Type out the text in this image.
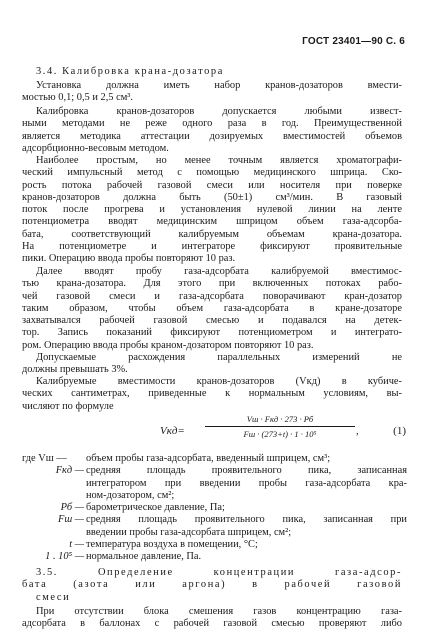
ГОСТ 23401—90 С. 6
3.4. Калибровка крана-дозатора
Установка должна иметь набор кранов-дозаторов вмести-
мостью 0,1; 0,5 и 2,5 см³.
Калибровка кранов-дозаторов допускается любыми извест-
ными методами не реже одного раза в год. Преимущественной
является методика аттестации дозируемых вместимостей объемов
адсорбционно-весовым методом.
Наиболее простым, но менее точным является хроматографи-
ческий импульсный метод с помощью медицинского шприца. Ско-
рость потока рабочей газовой смеси или носителя при поверке
кранов-дозаторов должна быть (50±1) см³/мин. В газовый
поток после прогрева и установления нулевой линии на ленте
потенциометра вводят медицинским шприцом объем газа-адсорба-
бата, соответствующий калибруемым объемам крана-дозатора.
На потенциометре и интеграторе фиксируют проявительные
пики. Операцию ввода пробы повторяют 10 раз.
Далее вводят пробу газа-адсорбата калибруемой вместимос-
тью крана-дозатора. Для этого при включенных потоках рабо-
чей газовой смеси и газа-адсорбата поворачивают кран-дозатор
таким образом, чтобы объем газа-адсорбата в кране-дозаторе
захватывался рабочей газовой смесью и подавался на детек-
тор. Запись показаний фиксируют потенциометром и интеграто-
ром. Операцию ввода пробы краном-дозатором повторяют 10 раз.
Допускаемые расхождения параллельных измерений не
должны превышать 3%.
Калибруемые вместимости кранов-дозаторов (Vкд) в кубиче-
ческих сантиметрах, приведенные к нормальным условиям, вы-
числяют по формуле
Vкд=
Vш · Fкд · 273 · Pб
Fш · (273+t) · 1 · 10⁵	,	(1)
где Vш — объем пробы газа-адсорбата, введенный шприцем, см³;
Fкд — средняя площадь проявительного пика, записанная
интегратором при введении пробы газа-адсорбата кра-
ном-дозатором, см²;
Pб — барометрическое давление, Па;
Fш — средняя площадь проявительного пика, записанная при
введении пробы газа-адсорбата шприцем, см²;
t — температура воздуха в помещении, °С;
1 . 10⁵ — нормальное давление, Па.
3.5. Определение концентрации газа-адсор-
бата (азота или аргона) в рабочей газовой
смеси
При отсутствии блока смешения газов концентрацию газа-
адсорбата в баллонах с рабочей газовой смесью проверяют либо
